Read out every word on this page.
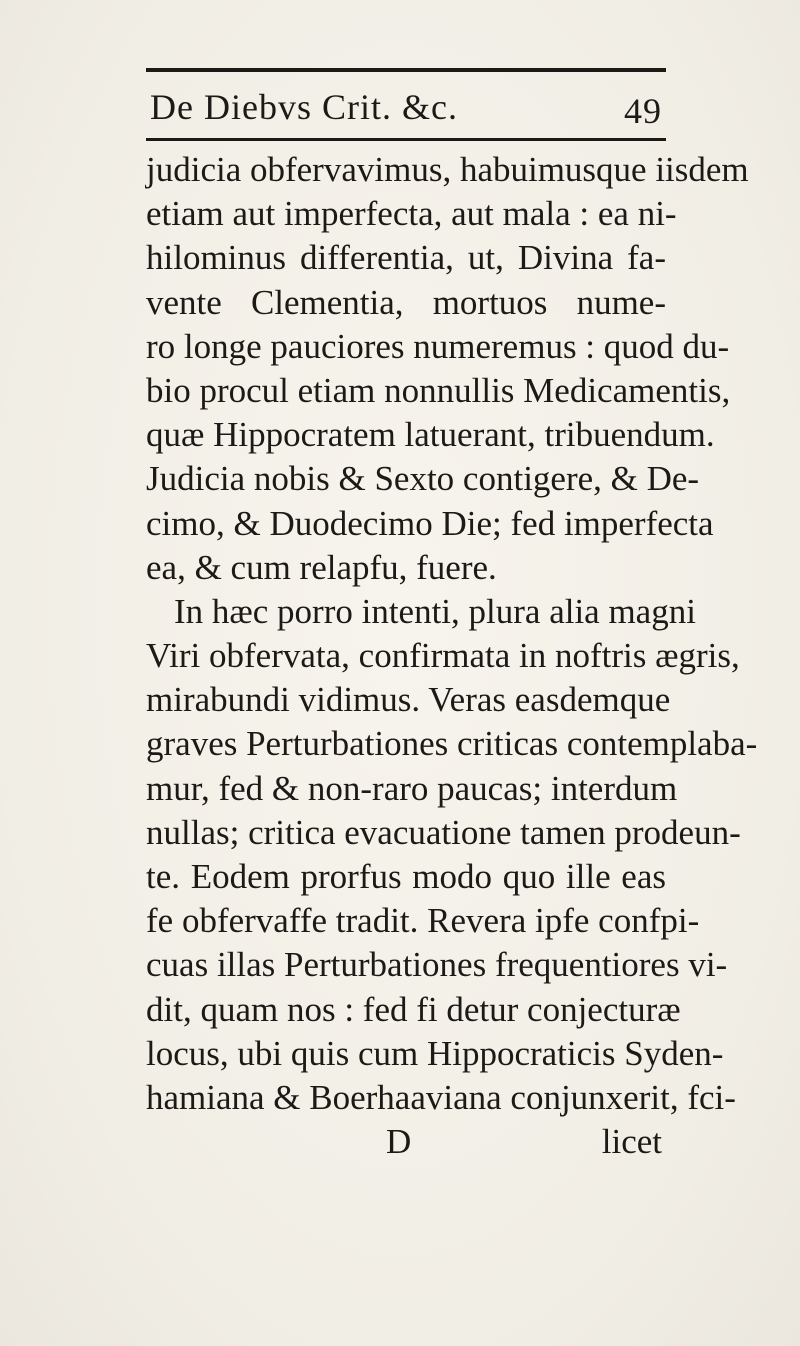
De Diebvs Crit. &c.	49
judicia obfervavimus, habuimusque iisdem
etiam aut imperfecta, aut mala : ea ni-
hilominus differentia, ut, Divina fa-
vente Clementia, mortuos nume-
ro longe pauciores numeremus : quod du-
bio procul etiam nonnullis Medicamentis,
quæ Hippocratem latuerant, tribuendum.
Judicia nobis & Sexto contigere, & De-
cimo, & Duodecimo Die; fed imperfecta
ea, & cum relapfu, fuere.
In hæc porro intenti, plura alia magni
Viri obfervata, confirmata in noftris ægris,
mirabundi vidimus. Veras easdemque
graves Perturbationes criticas contemplaba-
mur, fed & non-raro paucas; interdum
nullas; critica evacuatione tamen prodeun-
te. Eodem prorfus modo quo ille eas
fe obfervaffe tradit. Revera ipfe confpi-
cuas illas Perturbationes frequentiores vi-
dit, quam nos : fed fi detur conjecturæ
locus, ubi quis cum Hippocraticis Syden-
hamiana & Boerhaaviana conjunxerit, fci-
D	licet
